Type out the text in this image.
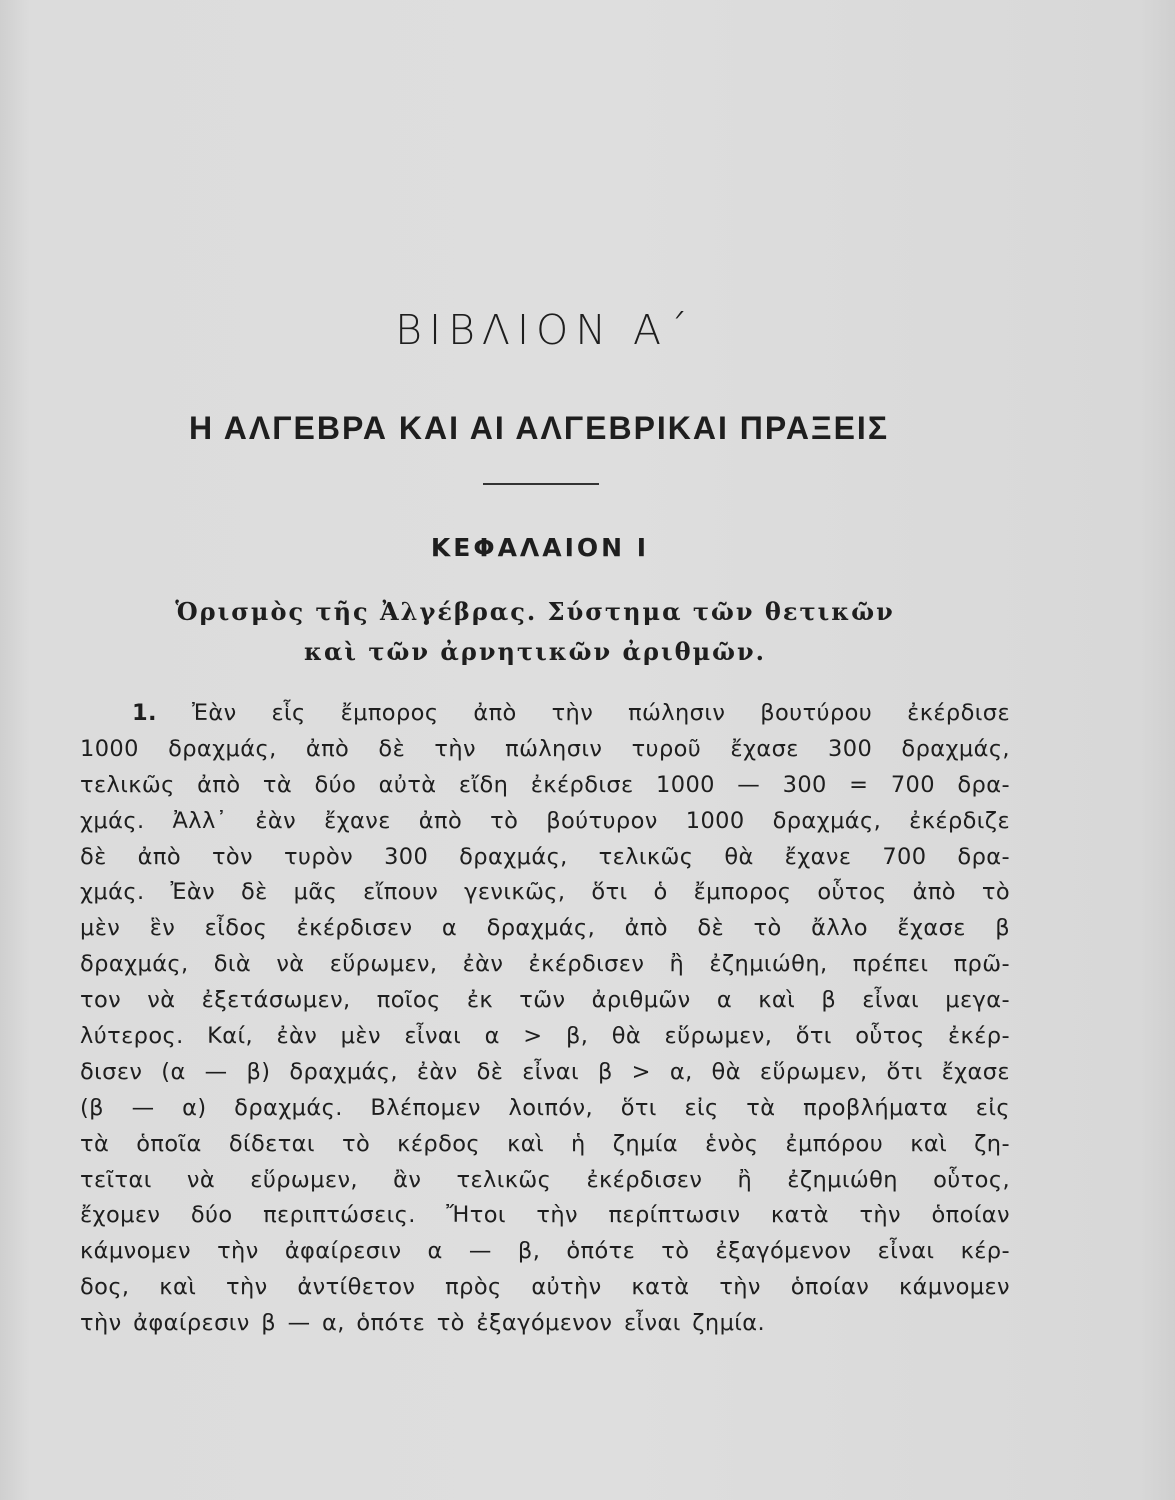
ΒΙΒΛΙΟΝ Α΄
Η ΑΛΓΕΒΡΑ ΚΑΙ ΑΙ ΑΛΓΕΒΡΙΚΑΙ ΠΡΑΞΕΙΣ
ΚΕΦΑΛΑΙΟΝ Ι
Ὁρισμὸς τῆς Ἀλγέβρας. Σύστημα τῶν θετικῶν
καὶ τῶν ἀρνητικῶν ἀριθμῶν.
1. Ἐὰν εἷς ἔμπορος ἀπὸ τὴν πώλησιν βουτύρου ἐκέρδισε
1000 δραχμάς, ἀπὸ δὲ τὴν πώλησιν τυροῦ ἔχασε 300 δραχμάς,
τελικῶς ἀπὸ τὰ δύο αὐτὰ εἴδη ἐκέρδισε 1000 — 300 = 700 δρα-
χμάς. Ἀλλ᾽ ἐὰν ἔχανε ἀπὸ τὸ βούτυρον 1000 δραχμάς, ἐκέρδιζε
δὲ ἀπὸ τὸν τυρὸν 300 δραχμάς, τελικῶς θὰ ἔχανε 700 δρα-
χμάς. Ἐὰν δὲ μᾶς εἴπουν γενικῶς, ὅτι ὁ ἔμπορος οὗτος ἀπὸ τὸ
μὲν ἓν εἶδος ἐκέρδισεν α δραχμάς, ἀπὸ δὲ τὸ ἄλλο ἔχασε β
δραχμάς, διὰ νὰ εὕρωμεν, ἐὰν ἐκέρδισεν ἢ ἐζημιώθη, πρέπει πρῶ-
τον νὰ ἐξετάσωμεν, ποῖος ἐκ τῶν ἀριθμῶν α καὶ β εἶναι μεγα-
λύτερος. Καί, ἐὰν μὲν εἶναι α > β, θὰ εὕρωμεν, ὅτι οὗτος ἐκέρ-
δισεν (α — β) δραχμάς, ἐὰν δὲ εἶναι β > α, θὰ εὕρωμεν, ὅτι ἔχασε
(β — α) δραχμάς. Βλέπομεν λοιπόν, ὅτι εἰς τὰ προβλήματα εἰς
τὰ ὁποῖα δίδεται τὸ κέρδος καὶ ἡ ζημία ἑνὸς ἐμπόρου καὶ ζη-
τεῖται νὰ εὕρωμεν, ἂν τελικῶς ἐκέρδισεν ἢ ἐζημιώθη οὗτος,
ἔχομεν δύο περιπτώσεις. Ἤτοι τὴν περίπτωσιν κατὰ τὴν ὁποίαν
κάμνομεν τὴν ἀφαίρεσιν α — β, ὁπότε τὸ ἐξαγόμενον εἶναι κέρ-
δος, καὶ τὴν ἀντίθετον πρὸς αὐτὴν κατὰ τὴν ὁποίαν κάμνομεν
τὴν ἀφαίρεσιν β — α, ὁπότε τὸ ἐξαγόμενον εἶναι ζημία.
